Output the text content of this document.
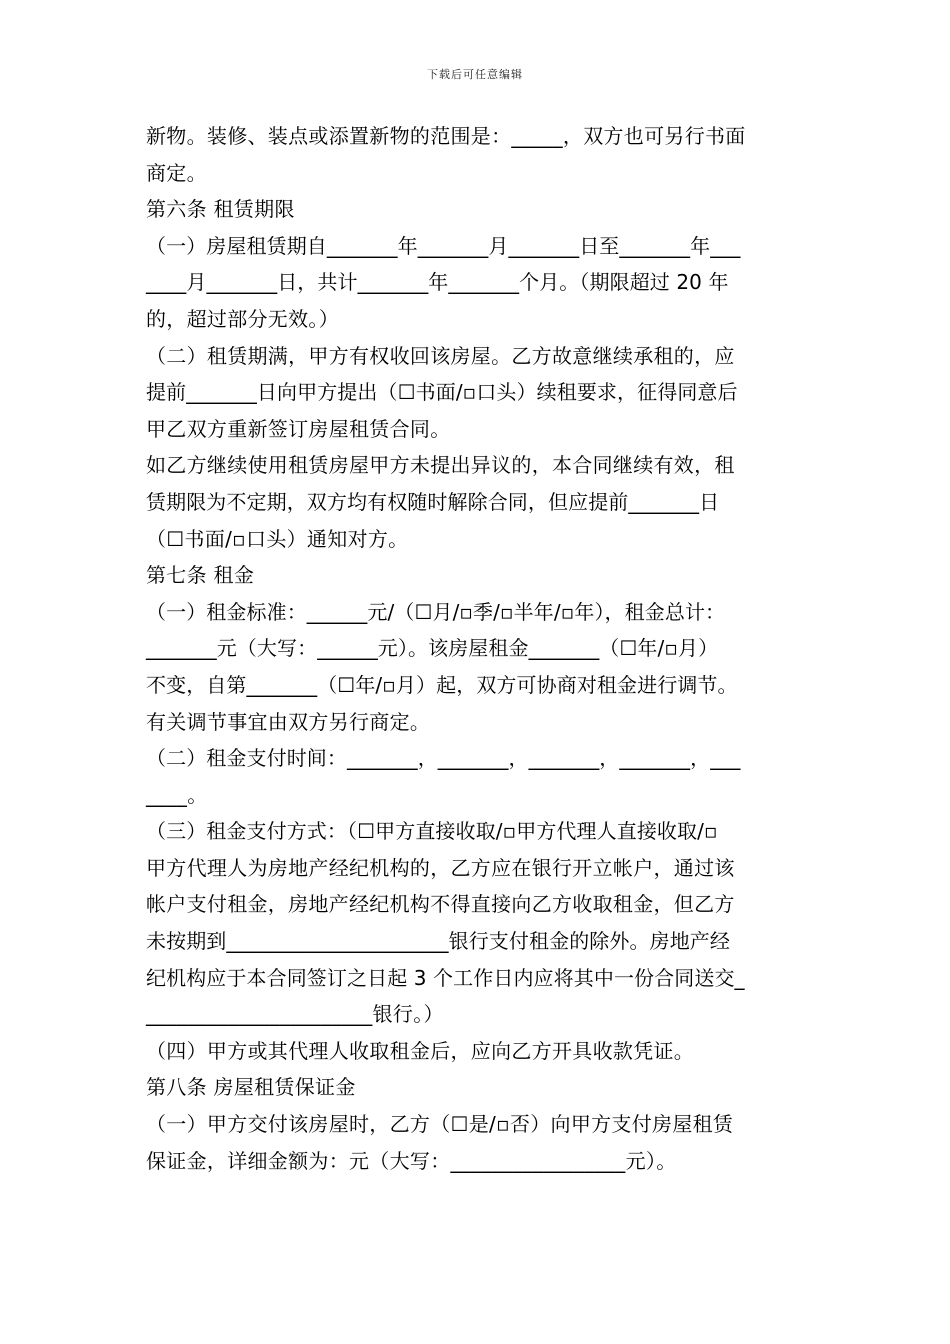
下载后可任意编辑
新物。装修、装点或添置新物的范围是：_____，双方也可另行书面
商定。
第六条 租赁期限
（一）房屋租赁期自_______年_______月_______日至_______年___
____月_______日，共计_______年_______个月。（期限超过 20 年
的，超过部分无效。）
（二）租赁期满，甲方有权收回该房屋。乙方故意继续承租的，应
提前_______日向甲方提出（☐书面/▫口头）续租要求，征得同意后
甲乙双方重新签订房屋租赁合同。
如乙方继续使用租赁房屋甲方未提出异议的，本合同继续有效，租
赁期限为不定期，双方均有权随时解除合同，但应提前_______日
（☐书面/▫口头）通知对方。
第七条 租金
（一）租金标准：______元/（☐月/▫季/▫半年/▫年），租金总计：
_______元（大写：______元）。该房屋租金_______（☐年/▫月）
不变，自第_______（☐年/▫月）起，双方可协商对租金进行调节。
有关调节事宜由双方另行商定。
（二）租金支付时间：_______，_______，_______，_______，___
____。
（三）租金支付方式：（☐甲方直接收取/▫甲方代理人直接收取/▫
甲方代理人为房地产经纪机构的，乙方应在银行开立帐户，通过该
帐户支付租金，房地产经纪机构不得直接向乙方收取租金，但乙方
未按期到______________________银行支付租金的除外。房地产经
纪机构应于本合同签订之日起 3 个工作日内应将其中一份合同送交_
______________________银行。）
（四）甲方或其代理人收取租金后，应向乙方开具收款凭证。
第八条 房屋租赁保证金
（一）甲方交付该房屋时，乙方（☐是/▫否）向甲方支付房屋租赁
保证金，详细金额为：元（大写：_________________元）。
